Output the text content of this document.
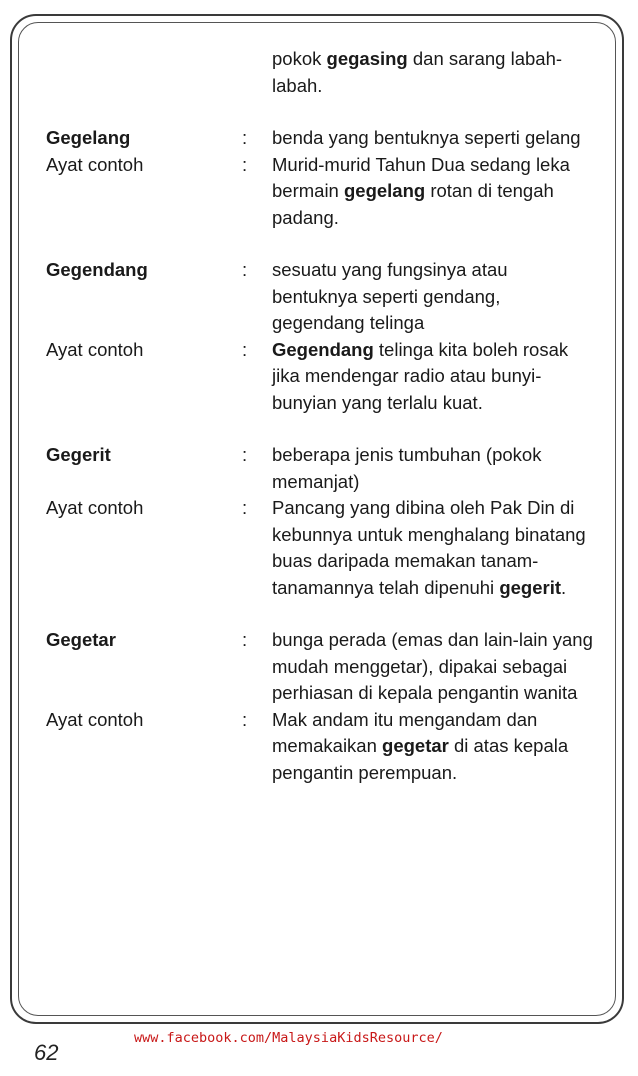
pokok gegasing dan sarang labah-labah.
Gegelang	:	benda yang bentuknya seperti gelang
Ayat contoh	:	Murid-murid Tahun Dua sedang leka bermain gegelang rotan di tengah padang.
Gegendang	:	sesuatu yang fungsinya atau bentuknya seperti gendang, gegendang telinga
Ayat contoh	:	Gegendang telinga kita boleh rosak jika mendengar radio atau bunyi-bunyian yang terlalu kuat.
Gegerit	:	beberapa jenis tumbuhan (pokok memanjat)
Ayat contoh	:	Pancang yang dibina oleh Pak Din di kebunnya untuk menghalang binatang buas daripada memakan tanam-tanamannya telah dipenuhi gegerit.
Gegetar	:	bunga perada (emas dan lain-lain yang mudah menggetar), dipakai sebagai perhiasan di kepala pengantin wanita
Ayat contoh	:	Mak andam itu mengandam dan memakaikan gegetar di atas kepala pengantin perempuan.
62
www.facebook.com/MalaysiaKidsResource/
